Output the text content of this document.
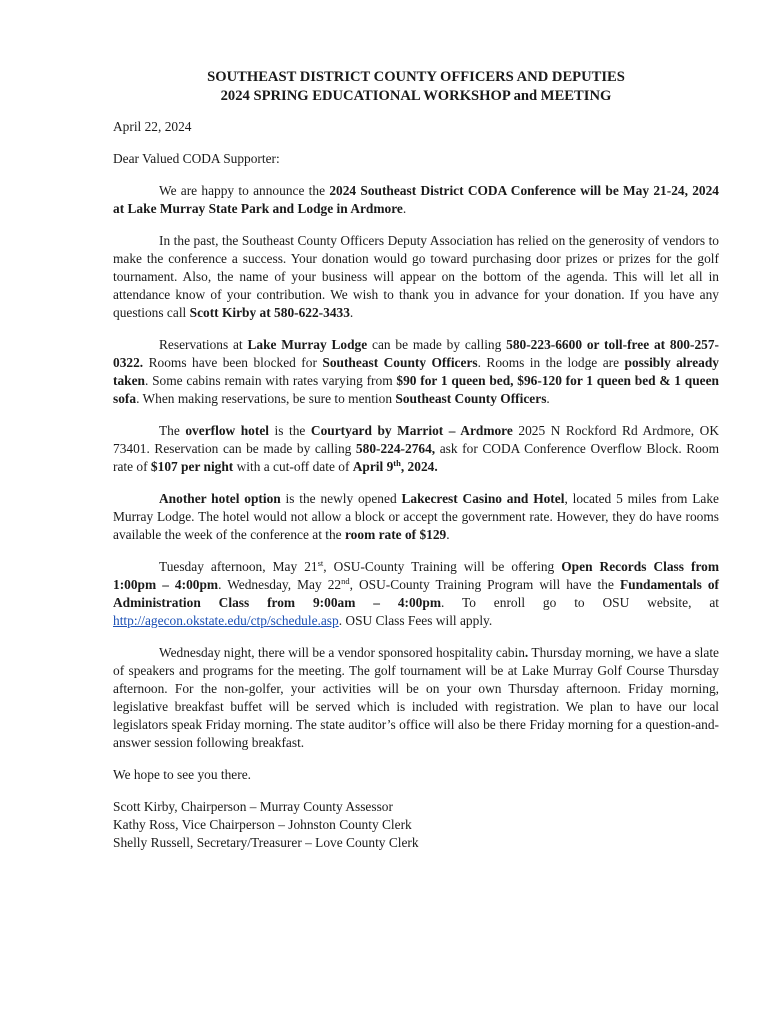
SOUTHEAST DISTRICT COUNTY OFFICERS AND DEPUTIES
2024 SPRING EDUCATIONAL WORKSHOP and MEETING

April 22, 2024

Dear Valued CODA Supporter:

We are happy to announce the 2024 Southeast District CODA Conference will be May 21-24, 2024 at Lake Murray State Park and Lodge in Ardmore.

In the past, the Southeast County Officers Deputy Association has relied on the generosity of vendors to make the conference a success. Your donation would go toward purchasing door prizes or prizes for the golf tournament. Also, the name of your business will appear on the bottom of the agenda. This will let all in attendance know of your contribution. We wish to thank you in advance for your donation. If you have any questions call Scott Kirby at 580-622-3433.

Reservations at Lake Murray Lodge can be made by calling 580-223-6600 or toll-free at 800-257-0322. Rooms have been blocked for Southeast County Officers. Rooms in the lodge are possibly already taken. Some cabins remain with rates varying from $90 for 1 queen bed, $96-120 for 1 queen bed & 1 queen sofa. When making reservations, be sure to mention Southeast County Officers.

The overflow hotel is the Courtyard by Marriot – Ardmore 2025 N Rockford Rd Ardmore, OK 73401. Reservation can be made by calling 580-224-2764, ask for CODA Conference Overflow Block. Room rate of $107 per night with a cut-off date of April 9th, 2024.

Another hotel option is the newly opened Lakecrest Casino and Hotel, located 5 miles from Lake Murray Lodge. The hotel would not allow a block or accept the government rate. However, they do have rooms available the week of the conference at the room rate of $129.

Tuesday afternoon, May 21st, OSU-County Training will be offering Open Records Class from 1:00pm – 4:00pm. Wednesday, May 22nd, OSU-County Training Program will have the Fundamentals of Administration Class from 9:00am – 4:00pm. To enroll go to OSU website, at http://agecon.okstate.edu/ctp/schedule.asp. OSU Class Fees will apply.

Wednesday night, there will be a vendor sponsored hospitality cabin. Thursday morning, we have a slate of speakers and programs for the meeting. The golf tournament will be at Lake Murray Golf Course Thursday afternoon. For the non-golfer, your activities will be on your own Thursday afternoon. Friday morning, legislative breakfast buffet will be served which is included with registration. We plan to have our local legislators speak Friday morning. The state auditor’s office will also be there Friday morning for a question-and-answer session following breakfast.

We hope to see you there.

Scott Kirby, Chairperson – Murray County Assessor

Kathy Ross, Vice Chairperson – Johnston County Clerk

Shelly Russell, Secretary/Treasurer – Love County Clerk
